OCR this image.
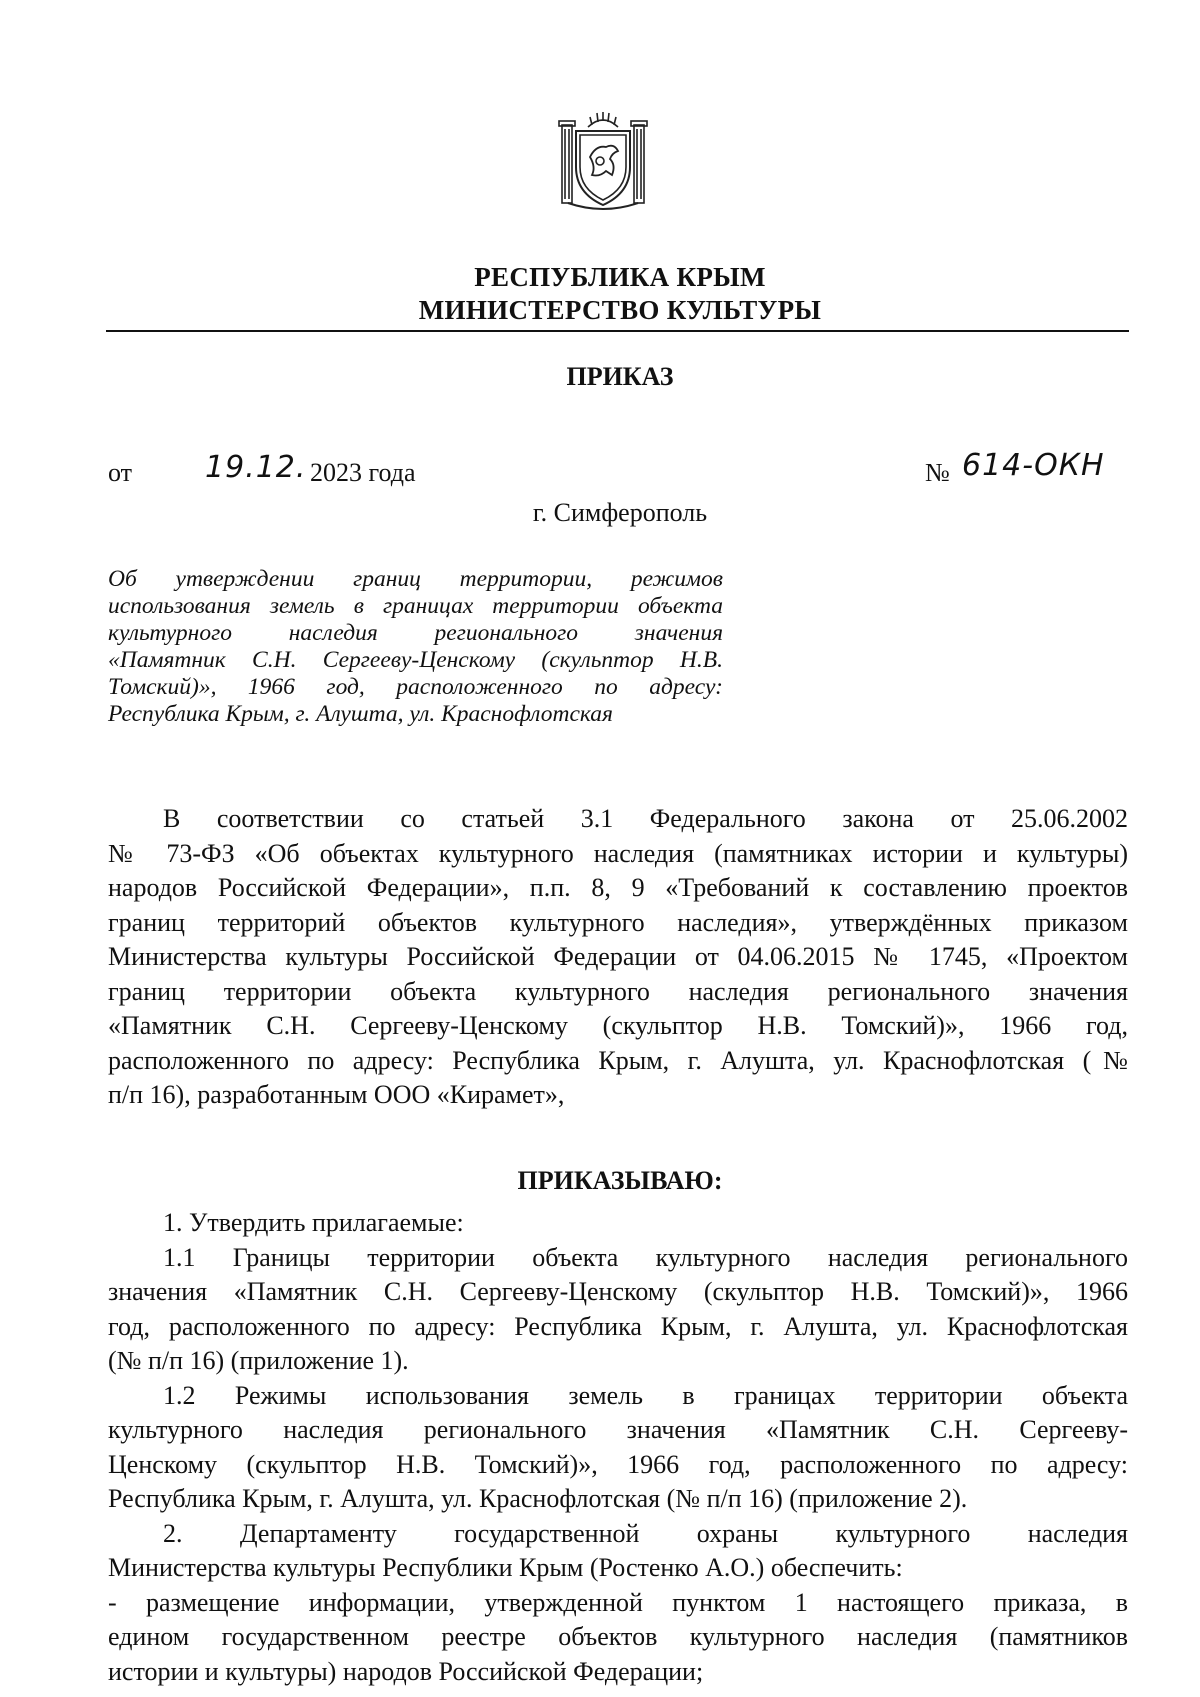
РЕСПУБЛИКА КРЫМ
МИНИСТЕРСТВО КУЛЬТУРЫ
ПРИКАЗ
от 19.12. 2023 года	№ 614-ОКН
г. Симферополь
Об утверждении границ территории, режимов
использования земель в границах территории объекта
культурного наследия регионального значения
«Памятник С.Н. Сергееву-Ценскому (скульптор Н.В.
Томский)», 1966 год, расположенного по адресу:
Республика Крым, г. Алушта, ул. Краснофлотская
В соответствии со статьей 3.1 Федерального закона от 25.06.2002
№ 73-ФЗ «Об объектах культурного наследия (памятниках истории и культуры)
народов Российской Федерации», п.п. 8, 9 «Требований к составлению проектов
границ территорий объектов культурного наследия», утверждённых приказом
Министерства культуры Российской Федерации от 04.06.2015 № 1745, «Проектом
границ территории объекта культурного наследия регионального значения
«Памятник С.Н. Сергееву-Ценскому (скульптор Н.В. Томский)», 1966 год,
расположенного по адресу: Республика Крым, г. Алушта, ул. Краснофлотская (№
п/п 16), разработанным ООО «Кирамет»,
ПРИКАЗЫВАЮ:
1. Утвердить прилагаемые:
1.1 Границы территории объекта культурного наследия регионального
значения «Памятник С.Н. Сергееву-Ценскому (скульптор Н.В. Томский)», 1966
год, расположенного по адресу: Республика Крым, г. Алушта, ул. Краснофлотская
(№ п/п 16) (приложение 1).
1.2 Режимы использования земель в границах территории объекта
культурного наследия регионального значения «Памятник С.Н. Сергееву-
Ценскому (скульптор Н.В. Томский)», 1966 год, расположенного по адресу:
Республика Крым, г. Алушта, ул. Краснофлотская (№ п/п 16) (приложение 2).
2. Департаменту государственной охраны культурного наследия
Министерства культуры Республики Крым (Ростенко А.О.) обеспечить:
- размещение информации, утвержденной пунктом 1 настоящего приказа, в
едином государственном реестре объектов культурного наследия (памятников
истории и культуры) народов Российской Федерации;
